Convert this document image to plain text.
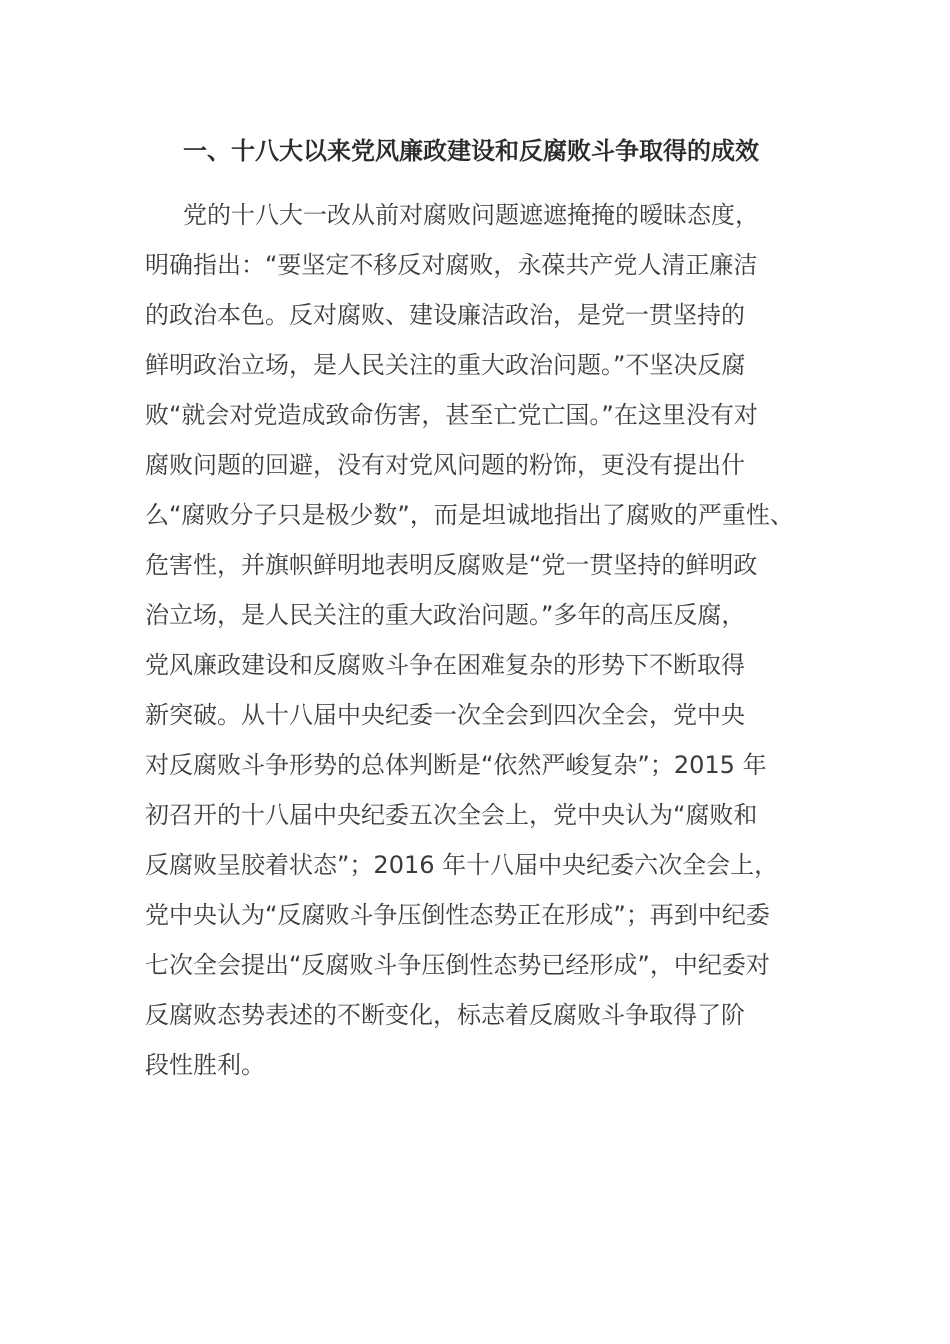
一、十八大以来党风廉政建设和反腐败斗争取得的成效
党的十八大一改从前对腐败问题遮遮掩掩的暧昧态度，
明确指出：“要坚定不移反对腐败，永葆共产党人清正廉洁
的政治本色。反对腐败、建设廉洁政治，是党一贯坚持的
鲜明政治立场，是人民关注的重大政治问题。”不坚决反腐
败“就会对党造成致命伤害，甚至亡党亡国。”在这里没有对
腐败问题的回避，没有对党风问题的粉饰，更没有提出什
么“腐败分子只是极少数”，而是坦诚地指出了腐败的严重性、
危害性，并旗帜鲜明地表明反腐败是“党一贯坚持的鲜明政
治立场，是人民关注的重大政治问题。”多年的高压反腐，
党风廉政建设和反腐败斗争在困难复杂的形势下不断取得
新突破。从十八届中央纪委一次全会到四次全会，党中央
对反腐败斗争形势的总体判断是“依然严峻复杂”；2015 年
初召开的十八届中央纪委五次全会上，党中央认为“腐败和
反腐败呈胶着状态”；2016 年十八届中央纪委六次全会上，
党中央认为“反腐败斗争压倒性态势正在形成”；再到中纪委
七次全会提出“反腐败斗争压倒性态势已经形成”，中纪委对
反腐败态势表述的不断变化，标志着反腐败斗争取得了阶
段性胜利。
